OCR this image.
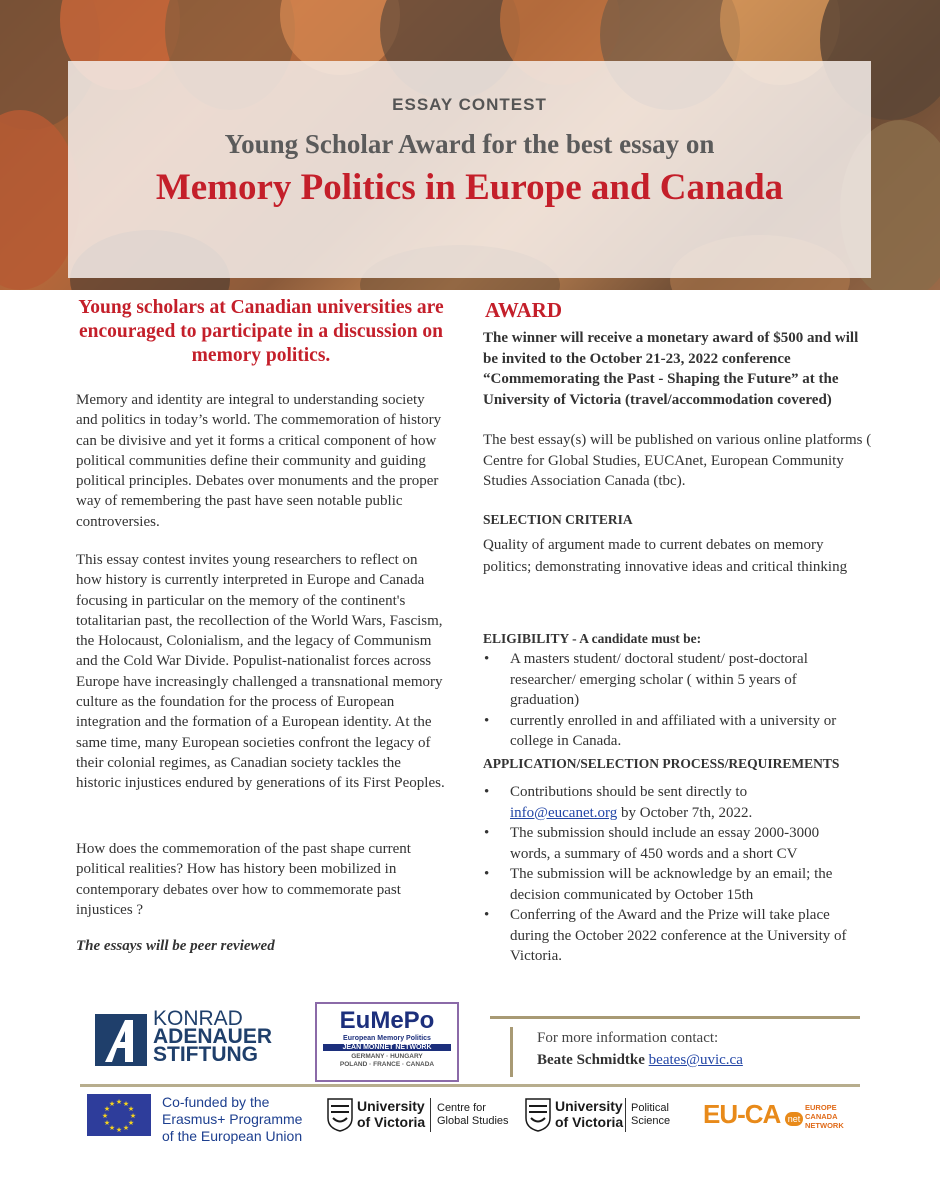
ESSAY CONTEST
Young Scholar Award for the best essay on
Memory Politics in Europe and Canada

Young scholars at Canadian universities are encouraged to participate in a discussion on memory politics.

Memory and identity are integral to understanding society and politics in today’s world. The commemoration of history can be divisive and yet it forms a critical component of how political communities define their community and guiding political principles. Debates over monuments and the proper way of remembering the past have seen notable public controversies.

This essay contest invites young researchers to reflect on how history is currently interpreted in Europe and Canada focusing in particular on the memory of the continent's totalitarian past, the recollection of the World Wars, Fascism, the Holocaust, Colonialism, and the legacy of Communism and the Cold War Divide. Populist-nationalist forces across Europe have increasingly challenged a transnational memory culture as the foundation for the process of European integration and the formation of a European identity. At the same time, many European societies confront the legacy of their colonial regimes, as Canadian society tackles the historic injustices endured by generations of its First Peoples.

How does the commemoration of the past shape current political realities? How has history been mobilized in contemporary debates over how to commemorate past injustices ?

The essays will be peer reviewed
AWARD
The winner will receive a monetary award of $500 and will be invited to the October 21-23, 2022 conference “Commemorating the Past - Shaping the Future” at the University of Victoria (travel/accommodation covered)
The best essay(s) will be published on various online platforms ( Centre for Global Studies, EUCAnet, European Community Studies Association Canada (tbc).
SELECTION CRITERIA
Quality of argument made to current debates on memory politics; demonstrating innovative ideas and critical thinking
ELIGIBILITY - A candidate must be:
• A masters student/ doctoral student/ post-doctoral researcher/ emerging scholar ( within 5 years of graduation)
• currently enrolled in and affiliated with a university or college in Canada.
APPLICATION/SELECTION PROCESS/REQUIREMENTS
• Contributions should be sent directly to
info@eucanet.org by October 7th, 2022.
• The submission should include an essay 2000-3000 words, a summary of 450 words and a short CV
• The submission will be acknowledge by an email; the decision communicated by October 15th
• Conferring of the Award and the Prize will take place during the October 2022 conference at the University of Victoria.
KONRAD
ADENAUER
STIFTUNG
EuMePo
European Memory Politics
JEAN MONNET NETWORK
GERMANY · HUNGARY
POLAND · FRANCE · CANADA
For more information contact:
Beate Schmidtke beates@uvic.ca
★ ★
★
★
★
★
★
★
★
★
★
★	Co-funded by the
Erasmus+ Programme
of the European Union
University
of Victoria
Centre for
Global Studies
University
of Victoria
Political
Science EU-CA net
EUROPE
CANADA
NETWORK
